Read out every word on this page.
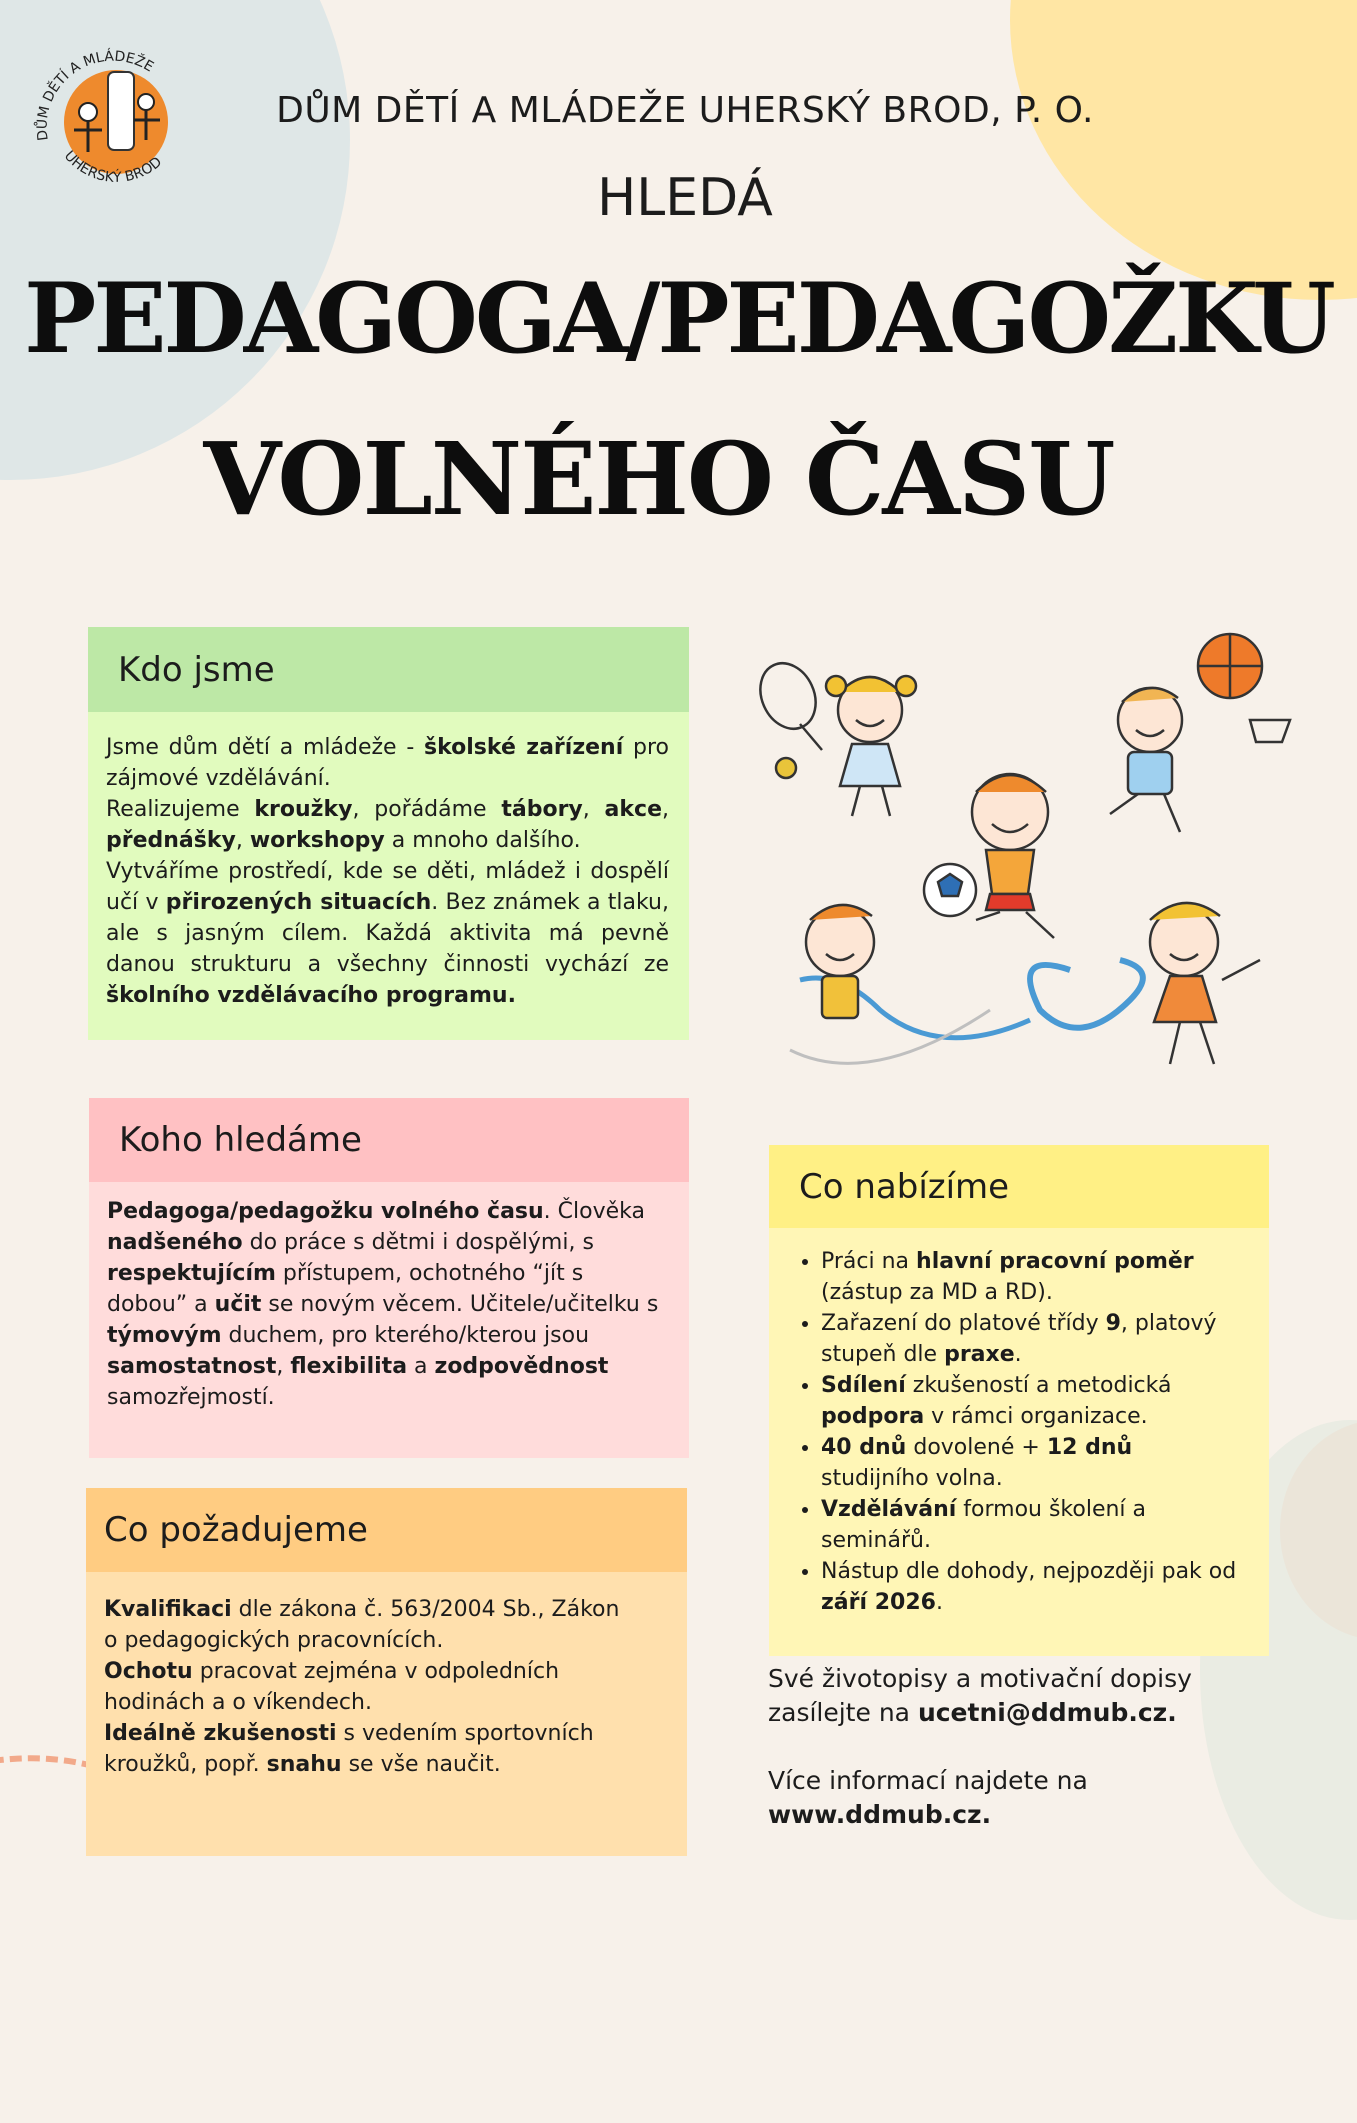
DŮM DĚTÍ A MLÁDEŽE
UHERSKÝ BROD
DŮM DĚTÍ A MLÁDEŽE UHERSKÝ BROD, P. O.
HLEDÁ
PEDAGOGA/PEDAGOŽKU
VOLNÉHO ČASU
Kdo jsme

Jsme dům dětí a mládeže - školské zařízení pro zájmové vzdělávání.

Realizujeme kroužky, pořádáme tábory, akce, přednášky, workshopy a mnoho dalšího.

Vytváříme prostředí, kde se děti, mládež i dospělí učí v přirozených situacích. Bez známek a tlaku, ale s jasným cílem. Každá aktivita má pevně danou strukturu a všechny činnosti vychází ze školního vzdělávacího programu.

Koho hledáme

Pedagoga/pedagožku volného času. Člověka nadšeného do práce s dětmi i dospělými, s respektujícím přístupem, ochotného “jít s dobou” a učit se novým věcem. Učitele/učitelku s týmovým duchem, pro kterého/kterou jsou samostatnost, flexibilita a zodpovědnost samozřejmostí.

Co požadujeme

Kvalifikaci dle zákona č. 563/2004 Sb., Zákon o pedagogických pracovnících.

Ochotu pracovat zejména v odpoledních hodinách a o víkendech.

Ideálně zkušenosti s vedením sportovních kroužků, popř. snahu se vše naučit.

Co nabízíme
• Práci na hlavní pracovní poměr (zástup za MD a RD).
• Zařazení do platové třídy 9, platový stupeň dle praxe.
• Sdílení zkušeností a metodická podpora v rámci organizace.
• 40 dnů dovolené + 12 dnů studijního volna.
• Vzdělávání formou školení a seminářů.
• Nástup dle dohody, nejpozději pak od září 2026.
Své životopisy a motivační dopisy zasílejte na ucetni@ddmub.cz.
Více informací najdete na
www.ddmub.cz.
